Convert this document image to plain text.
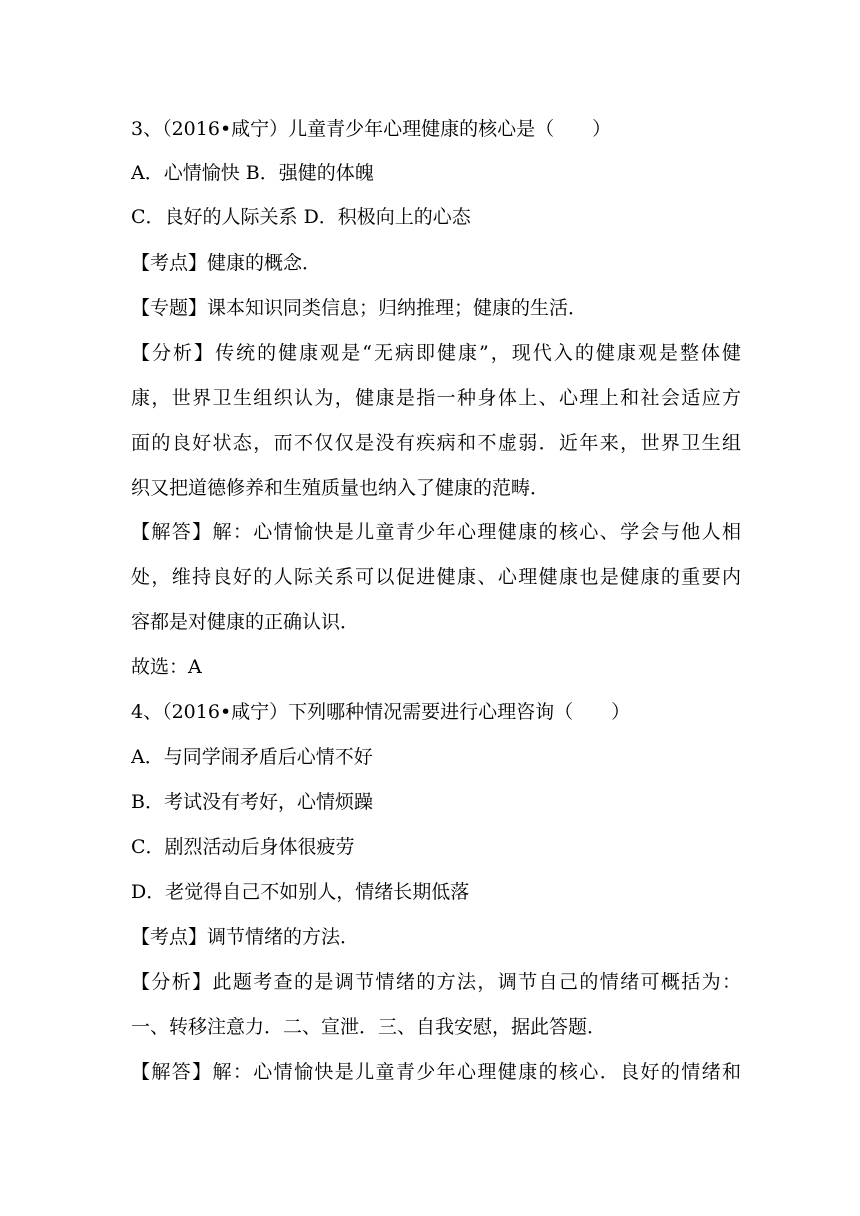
3、（2016•咸宁）儿童青少年心理健康的核心是（　　）
A．心情愉快 B．强健的体魄
C．良好的人际关系 D．积极向上的心态
【考点】健康的概念．
【专题】课本知识同类信息；归纳推理；健康的生活．
【分析】传统的健康观是“无病即健康”，现代入的健康观是整体健
康，世界卫生组织认为，健康是指一种身体上、心理上和社会适应方
面的良好状态，而不仅仅是没有疾病和不虚弱．近年来，世界卫生组
织又把道德修养和生殖质量也纳入了健康的范畴．
【解答】解：心情愉快是儿童青少年心理健康的核心、学会与他人相
处，维持良好的人际关系可以促进健康、心理健康也是健康的重要内
容都是对健康的正确认识．
故选：A
4、（2016•咸宁）下列哪种情况需要进行心理咨询（　　）
A．与同学闹矛盾后心情不好
B．考试没有考好，心情烦躁
C．剧烈活动后身体很疲劳
D．老觉得自己不如别人，情绪长期低落
【考点】调节情绪的方法．
【分析】此题考查的是调节情绪的方法，调节自己的情绪可概括为：
一、转移注意力．二、宣泄．三、自我安慰，据此答题．
【解答】解：心情愉快是儿童青少年心理健康的核心．良好的情绪和
